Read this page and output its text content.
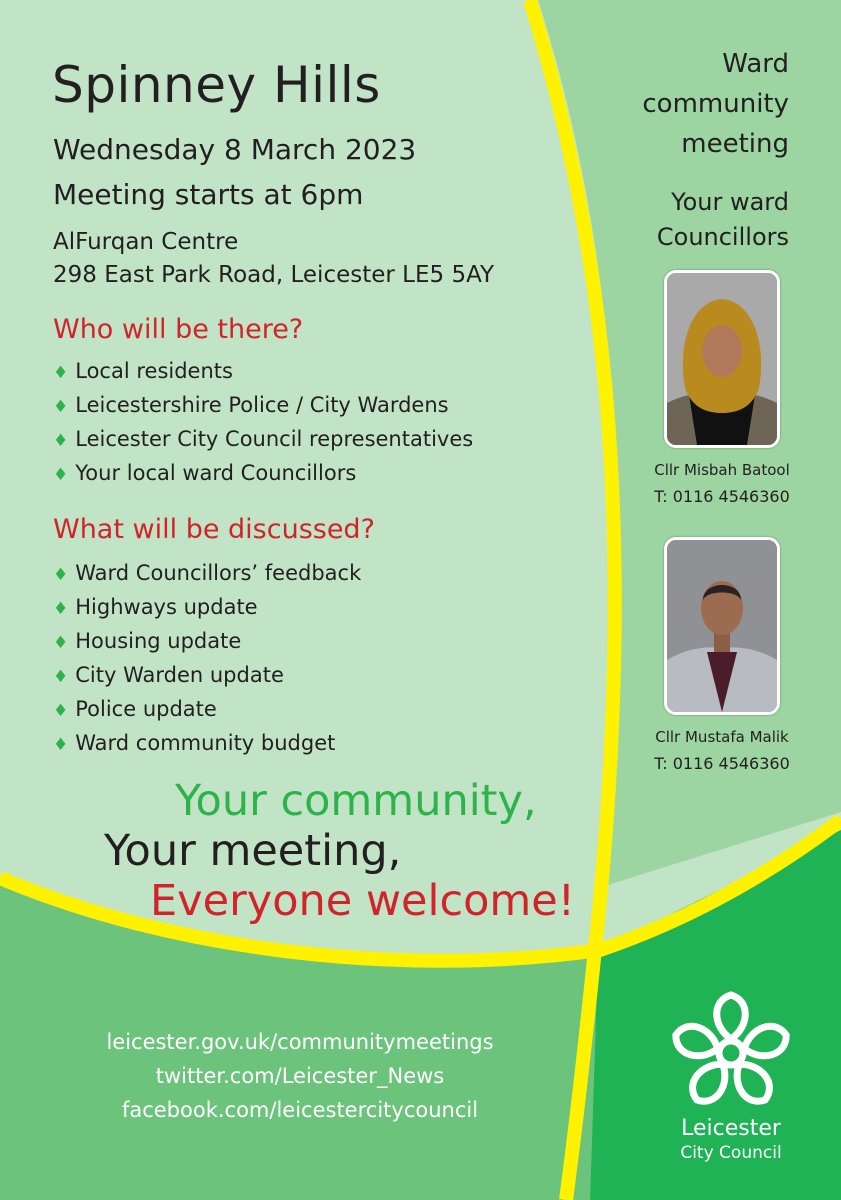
Spinney Hills
Wednesday 8 March 2023
Meeting starts at 6pm
AlFurqan Centre
298 East Park Road, Leicester LE5 5AY
Who will be there?
♦ Local residents
♦ Leicestershire Police / City Wardens
♦ Leicester City Council representatives
♦ Your local ward Councillors
What will be discussed?
♦ Ward Councillors’ feedback
♦ Highways update
♦ Housing update
♦ City Warden update
♦ Police update
♦ Ward community budget
Your community,
Your meeting,
Everyone welcome!
Ward
community
meeting
Your ward
Councillors
Cllr Misbah Batool
T: 0116 4546360
Cllr Mustafa Malik
T: 0116 4546360
leicester.gov.uk/communitymeetings
twitter.com/Leicester_News
facebook.com/leicestercitycouncil
Leicester
City Council
